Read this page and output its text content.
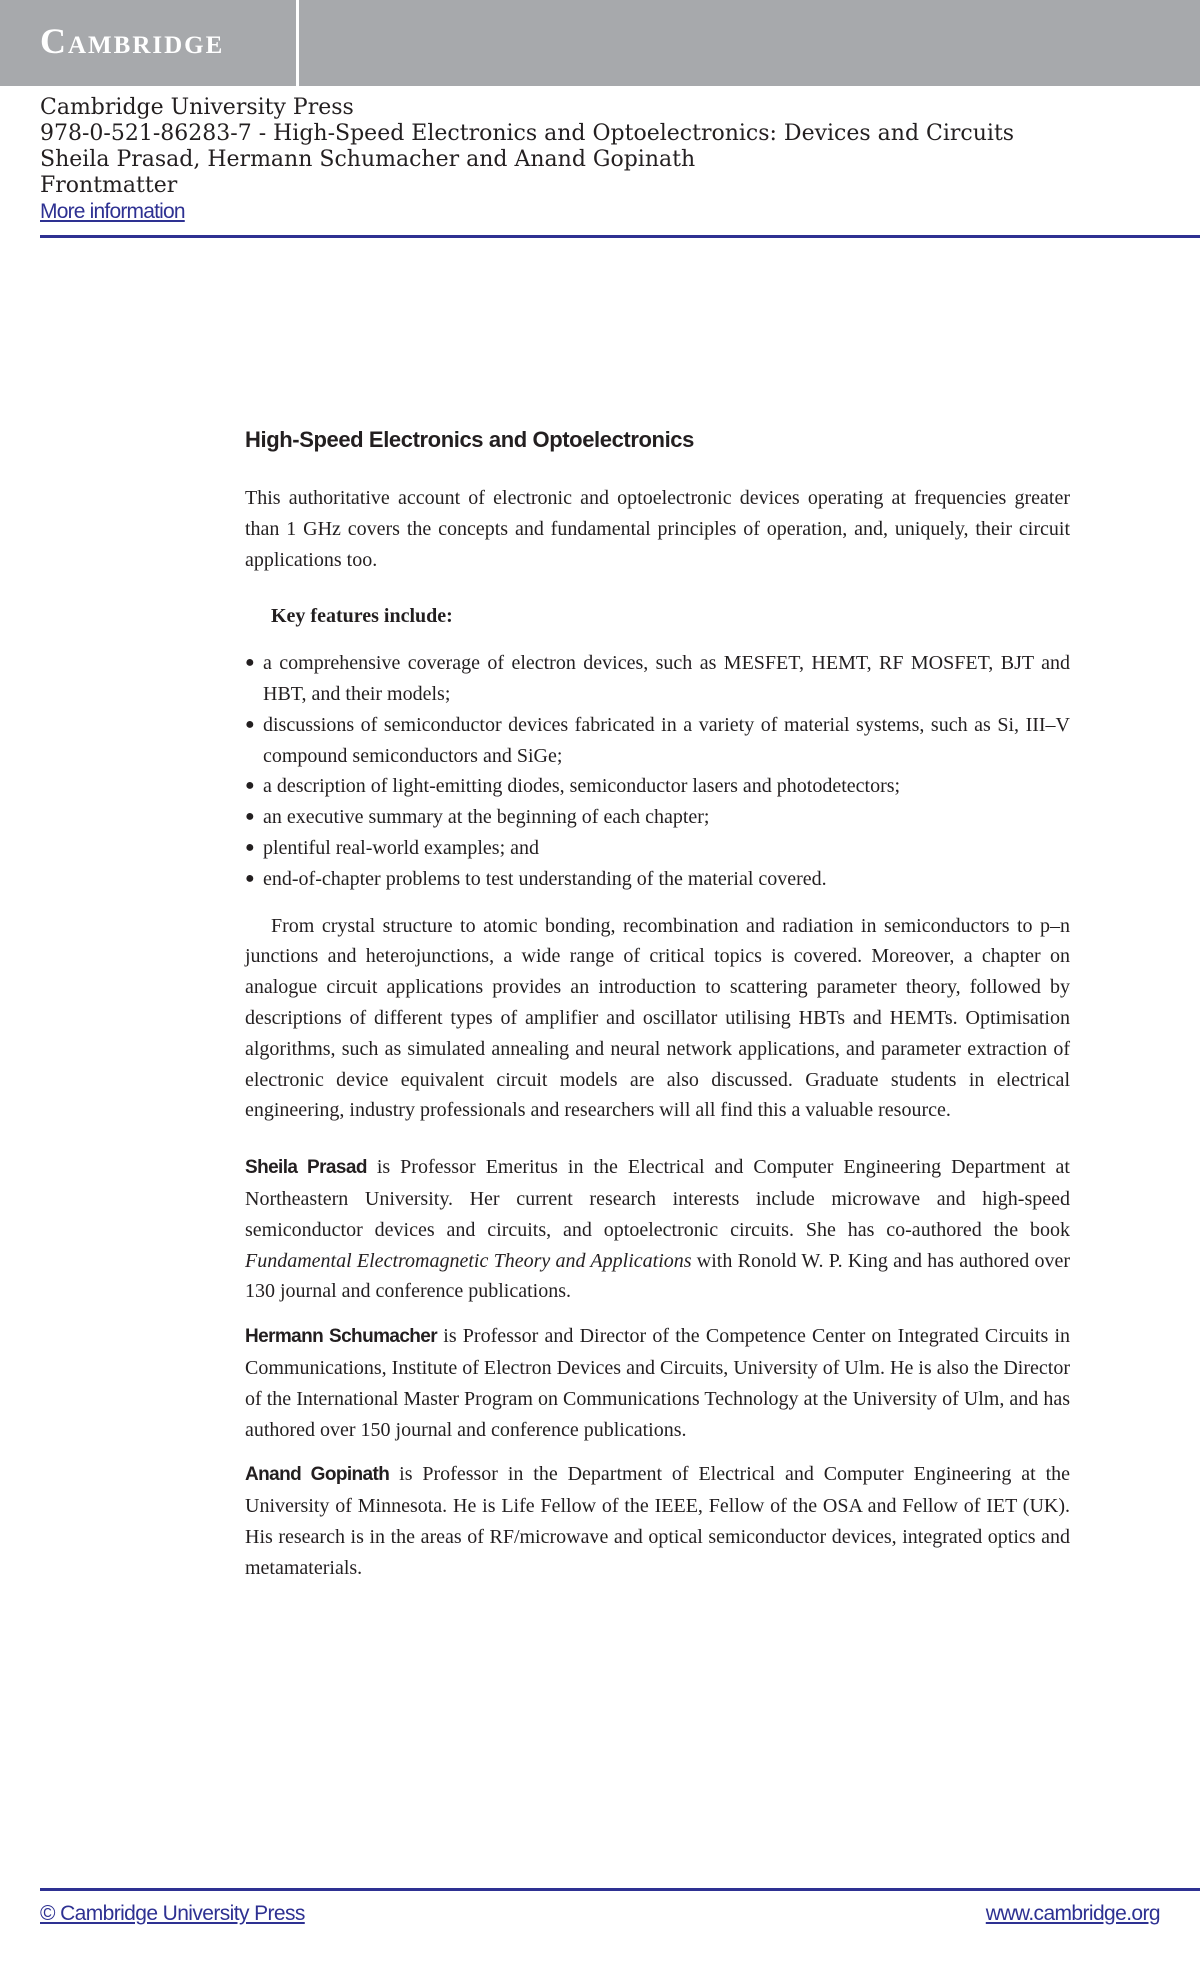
Cambridge
Cambridge University Press
978-0-521-86283-7 - High-Speed Electronics and Optoelectronics: Devices and Circuits
Sheila Prasad, Hermann Schumacher and Anand Gopinath
Frontmatter
More information
High-Speed Electronics and Optoelectronics

This authoritative account of electronic and optoelectronic devices operating at frequencies greater than 1 GHz covers the concepts and fundamental principles of operation, and, uniquely, their circuit applications too.

Key features include:

● a comprehensive coverage of electron devices, such as MESFET, HEMT, RF MOSFET, BJT and HBT, and their models;
● discussions of semiconductor devices fabricated in a variety of material systems, such as Si, III–V compound semiconductors and SiGe;
● a description of light-emitting diodes, semiconductor lasers and photodetectors;
● an executive summary at the beginning of each chapter;
● plentiful real-world examples; and
● end-of-chapter problems to test understanding of the material covered.

From crystal structure to atomic bonding, recombination and radiation in semiconductors to p–n junctions and heterojunctions, a wide range of critical topics is covered. Moreover, a chapter on analogue circuit applications provides an introduction to scattering parameter theory, followed by descriptions of different types of amplifier and oscillator utilising HBTs and HEMTs. Optimisation algorithms, such as simulated annealing and neural network applications, and parameter extraction of electronic device equivalent circuit models are also discussed. Graduate students in electrical engineering, industry professionals and researchers will all find this a valuable resource.

Sheila Prasad is Professor Emeritus in the Electrical and Computer Engineering Department at Northeastern University. Her current research interests include microwave and high-speed semiconductor devices and circuits, and optoelectronic circuits. She has co-authored the book Fundamental Electromagnetic Theory and Applications with Ronold W. P. King and has authored over 130 journal and conference publications.

Hermann Schumacher is Professor and Director of the Competence Center on Integrated Circuits in Communications, Institute of Electron Devices and Circuits, University of Ulm. He is also the Director of the International Master Program on Communications Technology at the University of Ulm, and has authored over 150 journal and conference publications.

Anand Gopinath is Professor in the Department of Electrical and Computer Engineering at the University of Minnesota. He is Life Fellow of the IEEE, Fellow of the OSA and Fellow of IET (UK). His research is in the areas of RF/microwave and optical semiconductor devices, integrated optics and metamaterials.

© Cambridge University Press	www.cambridge.org
